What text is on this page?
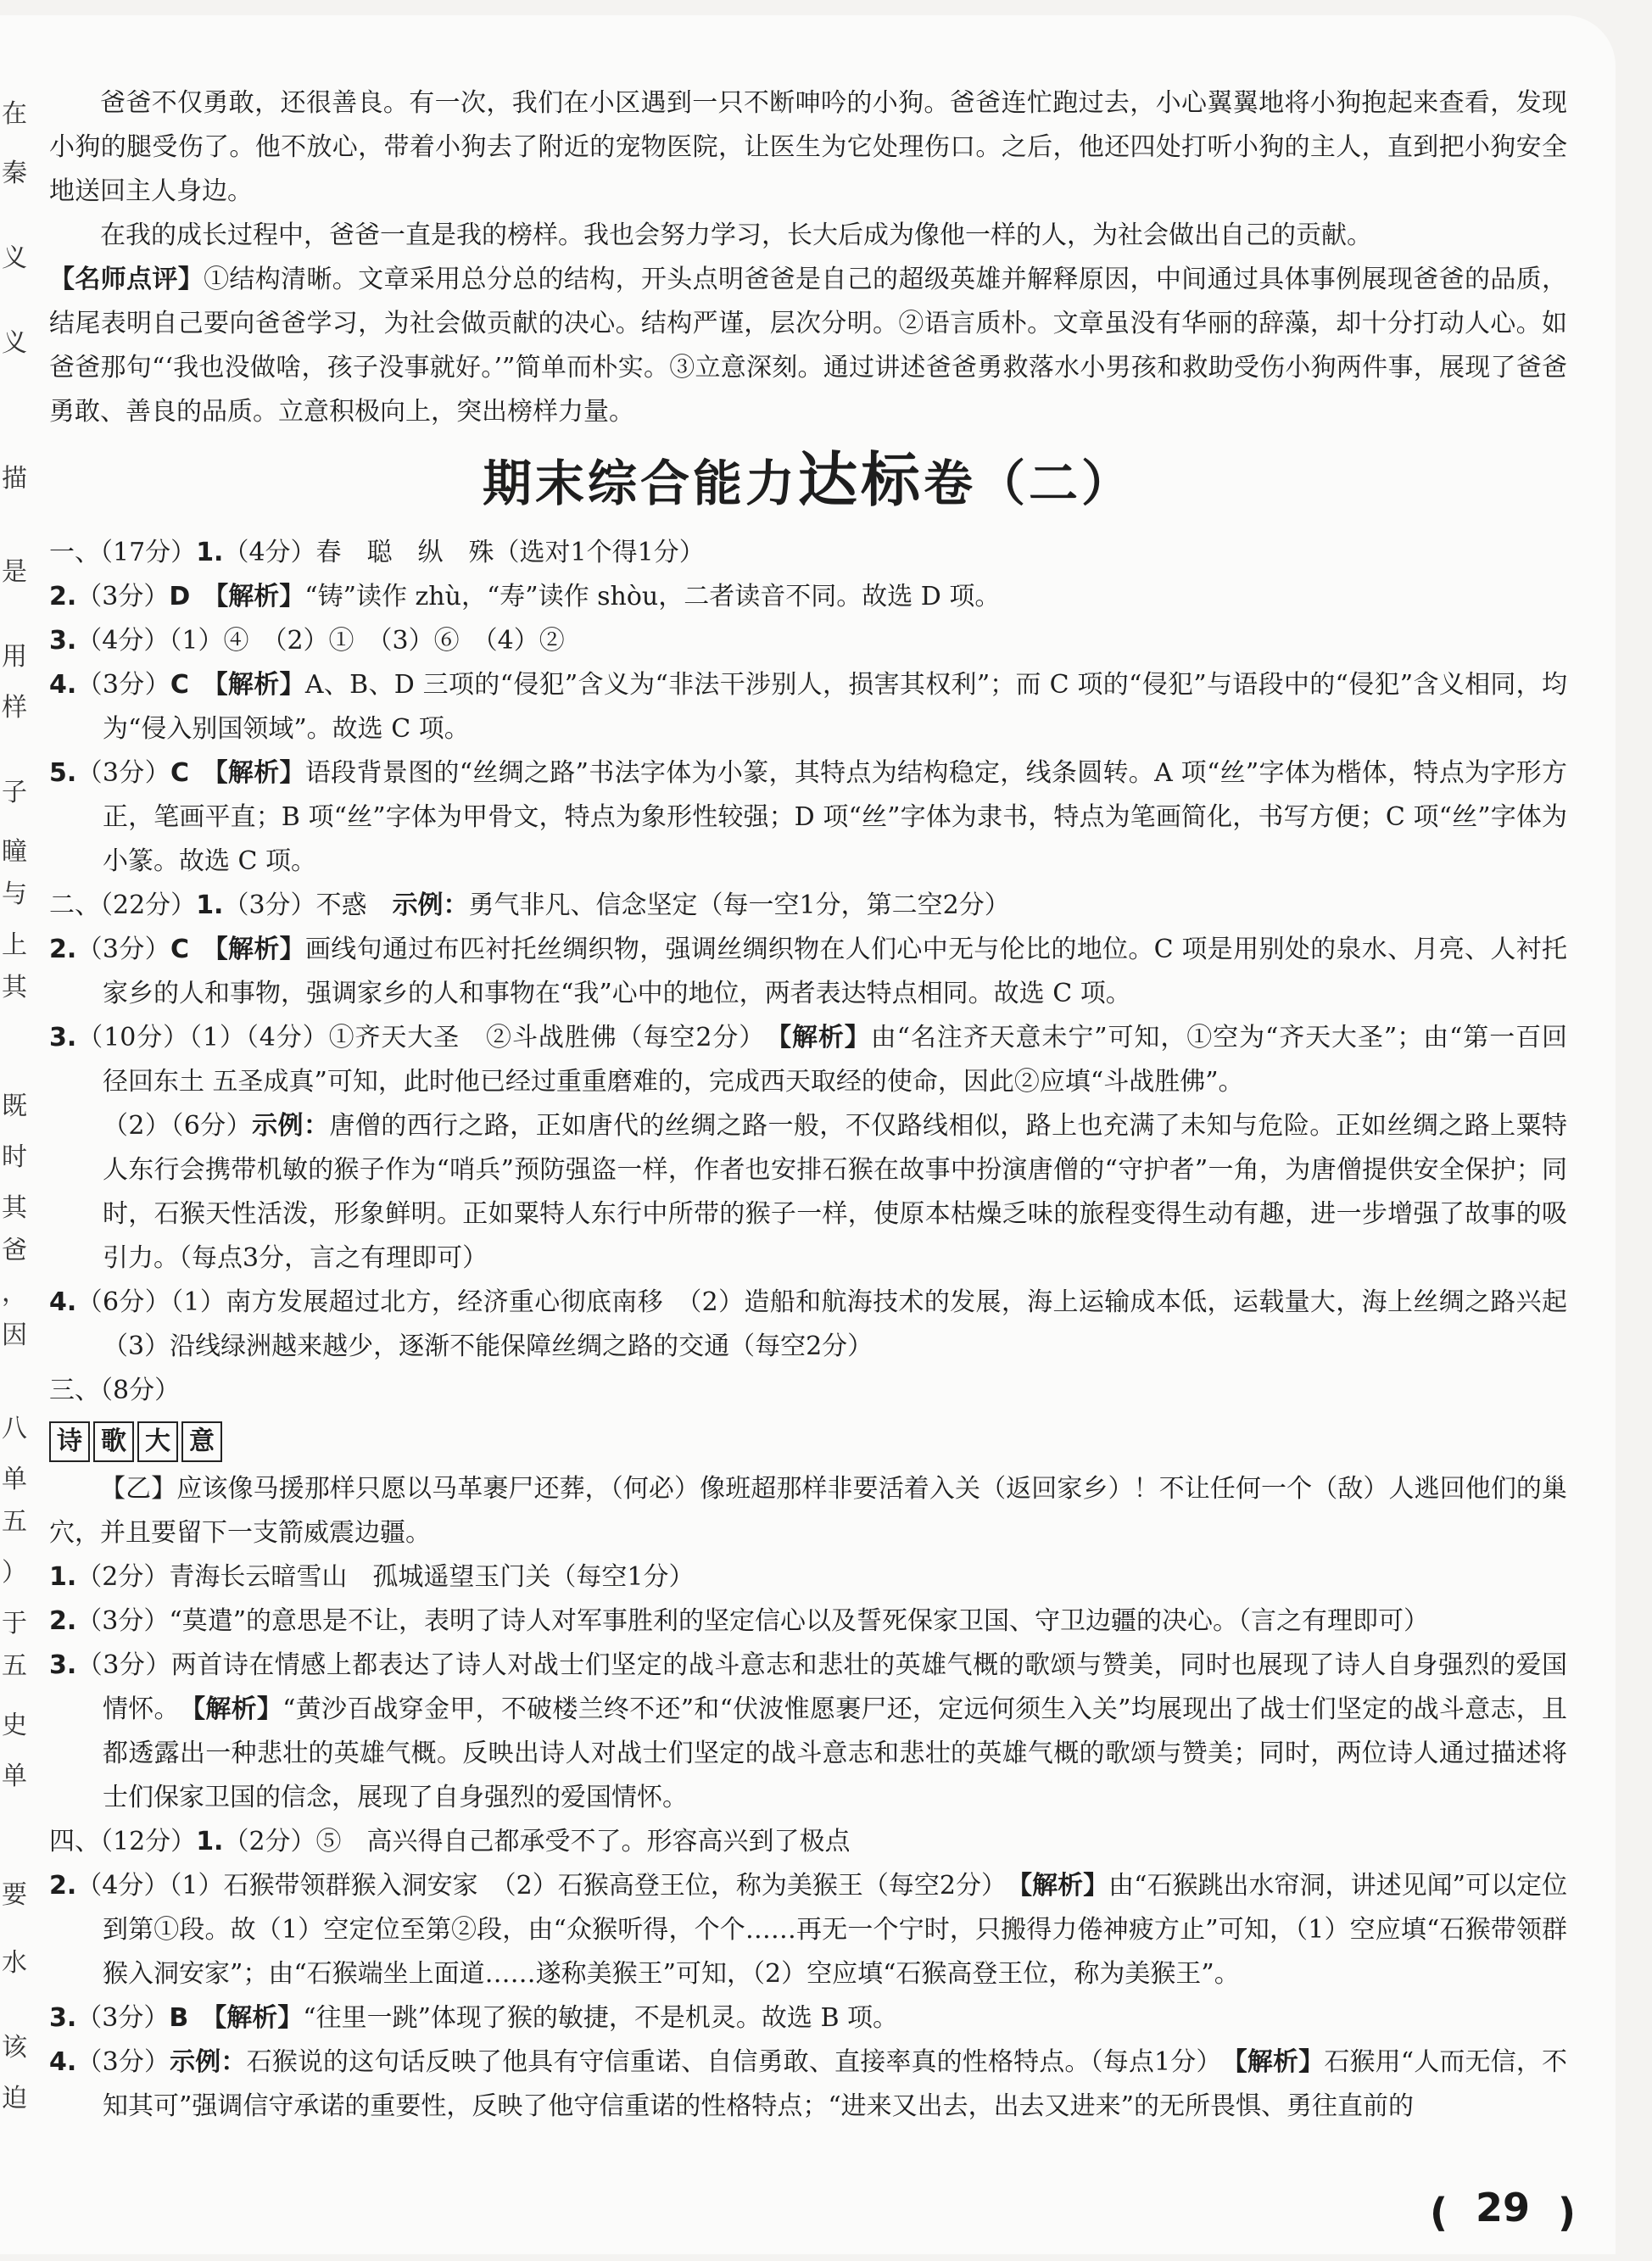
在
秦
义
义
描
是
用
样
子
瞳
与
上
其
既
时
其
爸
，
因
八
单
五
）
于
五
史
单
要
水
该
迫

爸爸不仅勇敢，还很善良。有一次，我们在小区遇到一只不断呻吟的小狗。爸爸连忙跑过去，小心翼翼地将小狗抱起来查看，发现小狗的腿受伤了。他不放心，带着小狗去了附近的宠物医院，让医生为它处理伤口。之后，他还四处打听小狗的主人，直到把小狗安全地送回主人身边。

在我的成长过程中，爸爸一直是我的榜样。我也会努力学习，长大后成为像他一样的人，为社会做出自己的贡献。

【名师点评】①结构清晰。文章采用总分总的结构，开头点明爸爸是自己的超级英雄并解释原因，中间通过具体事例展现爸爸的品质，结尾表明自己要向爸爸学习，为社会做贡献的决心。结构严谨，层次分明。②语言质朴。文章虽没有华丽的辞藻，却十分打动人心。如爸爸那句“‘我也没做啥，孩子没事就好。’”简单而朴实。③立意深刻。通过讲述爸爸勇救落水小男孩和救助受伤小狗两件事，展现了爸爸勇敢、善良的品质。立意积极向上，突出榜样力量。

期末综合能力达标卷（二）

一、（17分）1.（4分）春　聪　纵　殊（选对1个得1分）

2.（3分）D　 【解析】“铸”读作 zhù，“寿”读作 shòu，二者读音不同。故选 D 项。

3.（4分）（1）④　（2）①　（3）⑥　（4）②

4.（3分）C　 【解析】A、B、D 三项的“侵犯”含义为“非法干涉别人，损害其权利”；而 C 项的“侵犯”与语段中的“侵犯”含义相同，均为“侵入别国领域”。故选 C 项。

5.（3分）C　 【解析】语段背景图的“丝绸之路”书法字体为小篆，其特点为结构稳定，线条圆转。A 项“丝”字体为楷体，特点为字形方正，笔画平直；B 项“丝”字体为甲骨文，特点为象形性较强；D 项“丝”字体为隶书，特点为笔画简化，书写方便；C 项“丝”字体为小篆。故选 C 项。

二、（22分）1.（3分）不惑　示例：勇气非凡、信念坚定（每一空1分，第二空2分）

2.（3分）C　 【解析】画线句通过布匹衬托丝绸织物，强调丝绸织物在人们心中无与伦比的地位。C 项是用别处的泉水、月亮、人衬托家乡的人和事物，强调家乡的人和事物在“我”心中的地位，两者表达特点相同。故选 C 项。

3.（10分）（1）（4分）①齐天大圣　②斗战胜佛（每空2分）　 【解析】由“名注齐天意未宁”可知，①空为“齐天大圣”；由“第一百回　径回东土 五圣成真”可知，此时他已经过重重磨难的，完成西天取经的使命，因此②应填“斗战胜佛”。
（2）（6分）示例：唐僧的西行之路，正如唐代的丝绸之路一般，不仅路线相似，路上也充满了未知与危险。正如丝绸之路上粟特人东行会携带机敏的猴子作为“哨兵”预防强盗一样，作者也安排石猴在故事中扮演唐僧的“守护者”一角，为唐僧提供安全保护；同时，石猴天性活泼，形象鲜明。正如粟特人东行中所带的猴子一样，使原本枯燥乏味的旅程变得生动有趣，进一步增强了故事的吸引力。（每点3分，言之有理即可）

4.（6分）（1）南方发展超过北方，经济重心彻底南移　（2）造船和航海技术的发展，海上运输成本低，运载量大，海上丝绸之路兴起　（3）沿线绿洲越来越少，逐渐不能保障丝绸之路的交通（每空2分）

三、（8分）

诗 歌 大 意

【乙】应该像马援那样只愿以马革裹尸还葬，（何必）像班超那样非要活着入关（返回家乡）！不让任何一个（敌）人逃回他们的巢穴，并且要留下一支箭威震边疆。

1.（2分）青海长云暗雪山　孤城遥望玉门关（每空1分）

2.（3分）“莫遣”的意思是不让，表明了诗人对军事胜利的坚定信心以及誓死保家卫国、守卫边疆的决心。（言之有理即可）

3.（3分）两首诗在情感上都表达了诗人对战士们坚定的战斗意志和悲壮的英雄气概的歌颂与赞美，同时也展现了诗人自身强烈的爱国情怀。　【解析】“黄沙百战穿金甲，不破楼兰终不还”和“伏波惟愿裹尸还，定远何须生入关”均展现出了战士们坚定的战斗意志，且都透露出一种悲壮的英雄气概。反映出诗人对战士们坚定的战斗意志和悲壮的英雄气概的歌颂与赞美；同时，两位诗人通过描述将士们保家卫国的信念，展现了自身强烈的爱国情怀。

四、（12分）1.（2分）⑤　高兴得自己都承受不了。形容高兴到了极点

2.（4分）（1）石猴带领群猴入洞安家　（2）石猴高登王位，称为美猴王（每空2分）　【解析】由“石猴跳出水帘洞，讲述见闻”可以定位到第①段。故（1）空定位至第②段，由“众猴听得，个个……再无一个宁时，只搬得力倦神疲方止”可知，（1）空应填“石猴带领群猴入洞安家”；由“石猴端坐上面道……遂称美猴王”可知，（2）空应填“石猴高登王位，称为美猴王”。

3.（3分）B　 【解析】“往里一跳”体现了猴的敏捷，不是机灵。故选 B 项。

4.（3分）示例：石猴说的这句话反映了他具有守信重诺、自信勇敢、直接率真的性格特点。（每点1分）　【解析】石猴用“人而无信，不知其可”强调信守承诺的重要性，反映了他守信重诺的性格特点；“进来又出去，出去又进来”的无所畏惧、勇往直前的

( 29 )
